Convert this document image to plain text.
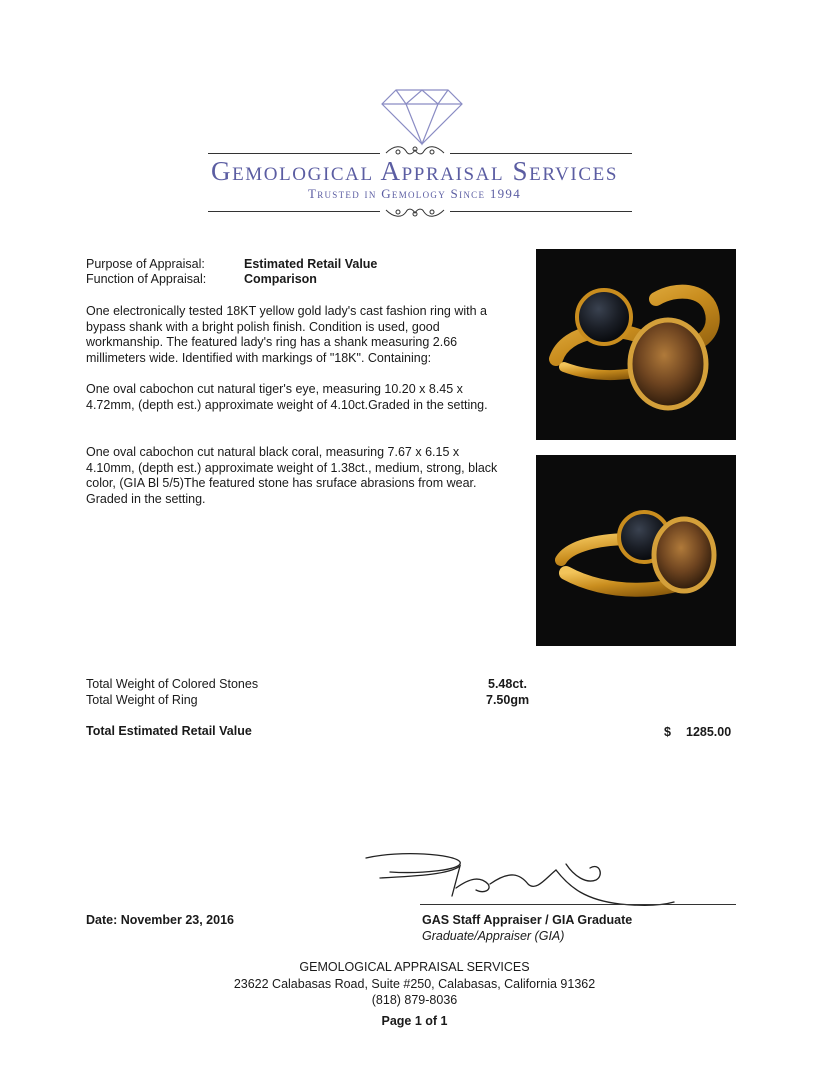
Gemological Appraisal Services
Trusted in Gemology Since 1994
Purpose of Appraisal:	Estimated Retail Value
Function of Appraisal:	Comparison
One electronically tested 18KT yellow gold lady's cast fashion ring with a bypass shank with a bright polish finish. Condition is used, good workmanship. The featured lady's ring has a shank measuring 2.66 millimeters wide. Identified with markings of "18K". Containing:
One oval cabochon cut natural tiger's eye, measuring 10.20 x 8.45 x 4.72mm, (depth est.) approximate weight of 4.10ct.Graded in the setting.
One oval cabochon cut natural black coral, measuring 7.67 x 6.15 x 4.10mm, (depth est.) approximate weight of 1.38ct., medium, strong, black color, (GIA Bl 5/5)The featured stone has sruface abrasions from wear. Graded in the setting.
Total Weight of Colored Stones	5.48ct.
Total Weight of Ring	7.50gm
Total Estimated Retail Value	$ 1285.00
Date: November 23, 2016	GAS Staff Appraiser / GIA Graduate
Graduate/Appraiser (GIA)
GEMOLOGICAL APPRAISAL SERVICES
23622 Calabasas Road, Suite #250, Calabasas, California 91362
(818) 879-8036
Page 1 of 1
